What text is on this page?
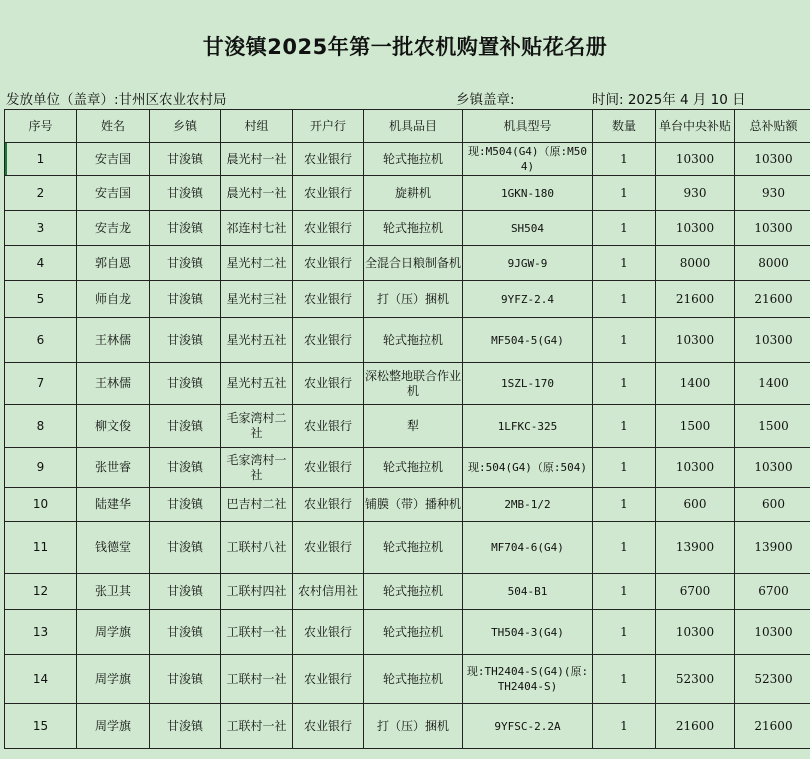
甘浚镇2025年第一批农机购置补贴花名册
发放单位（盖章）:甘州区农业农村局	乡镇盖章:	时间: 2025年 4 月 10 日
序号	姓名	乡镇	村组	开户行	机具品目	机具型号	数量	单台中央补贴	总补贴额
1	安吉国	甘浚镇	晨光村一社	农业银行	轮式拖拉机	现:M504(G4)（原:M504)	1	10300	10300
2	安吉国	甘浚镇	晨光村一社	农业银行	旋耕机	1GKN-180	1	930	930
3	安吉龙	甘浚镇	祁连村七社	农业银行	轮式拖拉机	SH504	1	10300	10300
4	郭自恩	甘浚镇	星光村二社	农业银行	全混合日粮制备机	9JGW-9	1	8000	8000
5	师自龙	甘浚镇	星光村三社	农业银行	打（压）捆机	9YFZ-2.4	1	21600	21600
6	王林儒	甘浚镇	星光村五社	农业银行	轮式拖拉机	MF504-5(G4)	1	10300	10300
7	王林儒	甘浚镇	星光村五社	农业银行	深松整地联合作业机	1SZL-170	1	1400	1400
8	柳文俊	甘浚镇	毛家湾村二社	农业银行	犁	1LFKC-325	1	1500	1500
9	张世睿	甘浚镇	毛家湾村一社	农业银行	轮式拖拉机	现:504(G4)（原:504)	1	10300	10300
10	陆建华	甘浚镇	巴吉村二社	农业银行	铺膜（带）播种机	2MB-1/2	1	600	600
11	钱德堂	甘浚镇	工联村八社	农业银行	轮式拖拉机	MF704-6(G4)	1	13900	13900
12	张卫其	甘浚镇	工联村四社	农村信用社	轮式拖拉机	504-B1	1	6700	6700
13	周学旗	甘浚镇	工联村一社	农业银行	轮式拖拉机	TH504-3(G4)	1	10300	10300
14	周学旗	甘浚镇	工联村一社	农业银行	轮式拖拉机	现:TH2404-S(G4)(原:TH2404-S)	1	52300	52300
15	周学旗	甘浚镇	工联村一社	农业银行	打（压）捆机	9YFSC-2.2A	1	21600	21600
